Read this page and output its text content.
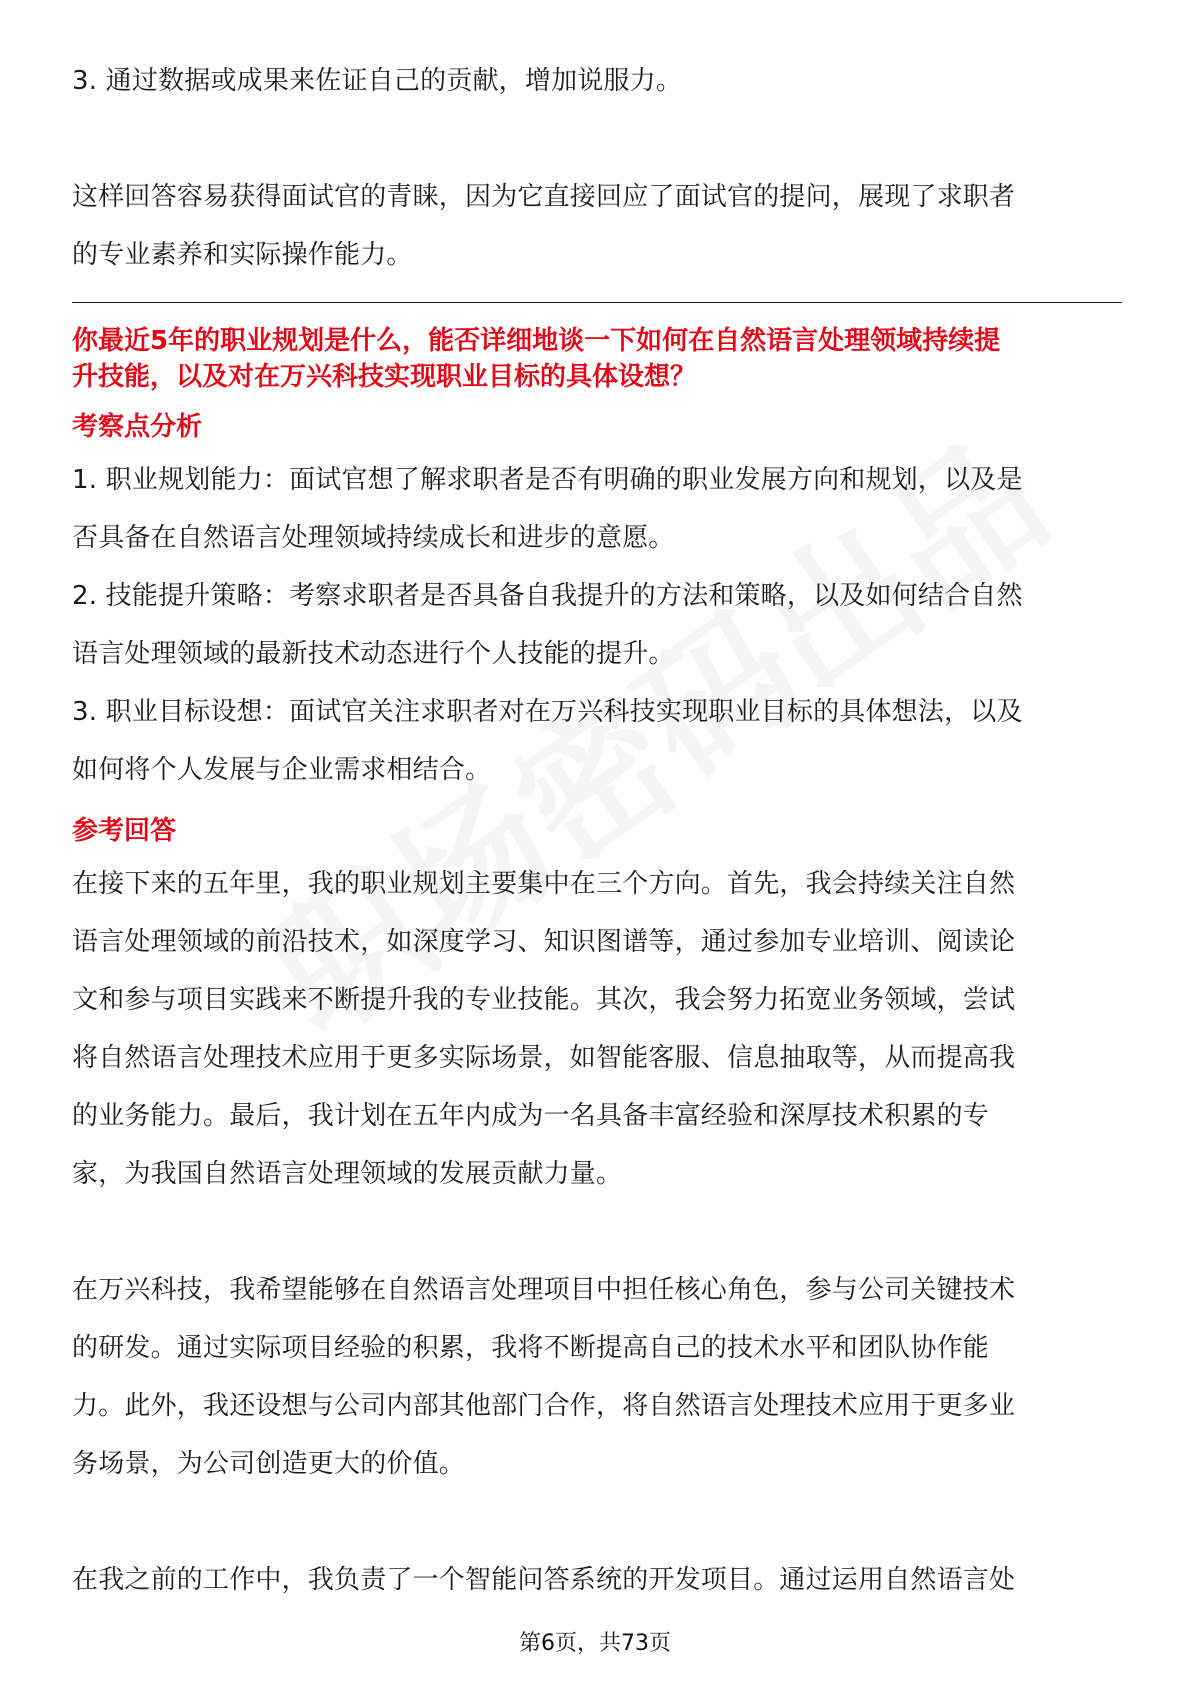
3. 通过数据或成果来佐证自己的贡献，增加说服力。

这样回答容易获得面试官的青睐，因为它直接回应了面试官的提问，展现了求职者

的专业素养和实际操作能力。

你最近5年的职业规划是什么，能否详细地谈一下如何在自然语言处理领域持续提
升技能，以及对在万兴科技实现职业目标的具体设想？
考察点分析

1. 职业规划能力：面试官想了解求职者是否有明确的职业发展方向和规划，以及是

否具备在自然语言处理领域持续成长和进步的意愿。

2. 技能提升策略：考察求职者是否具备自我提升的方法和策略，以及如何结合自然

语言处理领域的最新技术动态进行个人技能的提升。

3. 职业目标设想：面试官关注求职者对在万兴科技实现职业目标的具体想法，以及

如何将个人发展与企业需求相结合。

参考回答

在接下来的五年里，我的职业规划主要集中在三个方向。首先，我会持续关注自然

语言处理领域的前沿技术，如深度学习、知识图谱等，通过参加专业培训、阅读论

文和参与项目实践来不断提升我的专业技能。其次，我会努力拓宽业务领域，尝试

将自然语言处理技术应用于更多实际场景，如智能客服、信息抽取等，从而提高我

的业务能力。最后，我计划在五年内成为一名具备丰富经验和深厚技术积累的专

家，为我国自然语言处理领域的发展贡献力量。

在万兴科技，我希望能够在自然语言处理项目中担任核心角色，参与公司关键技术

的研发。通过实际项目经验的积累，我将不断提高自己的技术水平和团队协作能

力。此外，我还设想与公司内部其他部门合作，将自然语言处理技术应用于更多业

务场景，为公司创造更大的价值。

在我之前的工作中，我负责了一个智能问答系统的开发项目。通过运用自然语言处

第6页，共73页
